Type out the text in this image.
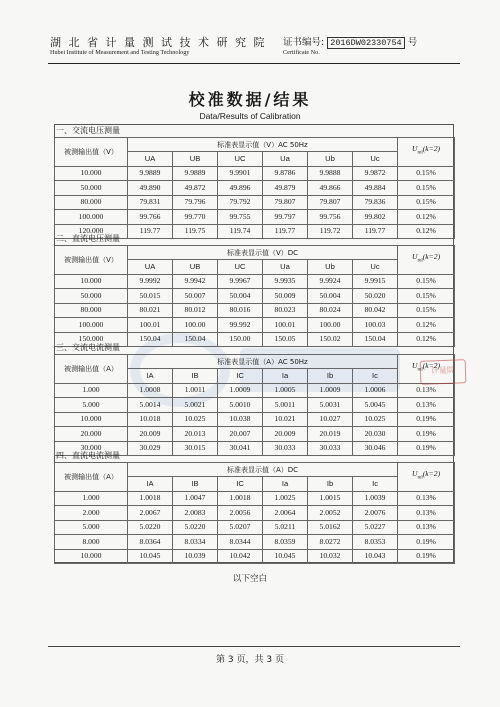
湖 北 省 计 量 测 试 技 术 研 究 院
Hubei Institute of Measurement and Testing Technology
证书编号: 2016DW02330754 号
Certificate No.
校准数据/结果
Data/Results of Calibration
一、交流电压测量
被测输出值（V）	标准表显示值（V）AC 50Hz						$U_{rel}(k=2)$
	UA	UB	UC	Ua	Ub	Uc	
10.000	9.9889	9.9889	9.9901	9.8786	9.9888	9.9872	0.15%
50.000	49.890	49.872	49.896	49.879	49.866	49.884	0.15%
80.000	79.831	79.796	79.792	79.807	79.807	79.836	0.15%
100.000	99.766	99.770	99.755	99.797	99.756	99.802	0.12%
120.000	119.77	119.75	119.74	119.77	119.72	119.77	0.12%
二、直流电压测量
被测输出值（V）	标准表显示值（V）DC						$U_{rel}(k=2)$
	UA	UB	UC	Ua	Ub	Uc	
10.000	9.9992	9.9942	9.9967	9.9935	9.9924	9.9915	0.15%
50.000	50.015	50.007	50.004	50.009	50.004	50.020	0.15%
80.000	80.021	80.012	80.016	80.023	80.024	80.042	0.15%
100.000	100.01	100.00	99.992	100.01	100.00	100.03	0.12%
150.000	150.04	150.04	150.00	150.05	150.02	150.04	0.12%
三、交流电流测量
被测输出值（A）	标准表显示值（A）AC 50Hz						$U_{rel}(k=2)$
	IA	IB	IC	Ia	Ib	Ic	
1.000	1.0008	1.0011	1.0009	1.0005	1.0009	1.0006	0.13%
5.000	5.0014	5.0021	5.0010	5.0011	5.0031	5.0045	0.13%
10.000	10.018	10.025	10.038	10.021	10.027	10.025	0.19%
20.000	20.009	20.013	20.007	20.009	20.019	20.030	0.19%
30.000	30.029	30.015	30.041	30.033	30.033	30.046	0.19%
四、直流电流测量
被测输出值（A）	标准表显示值（A）DC						$U_{rel}(k=2)$
	IA	IB	IC	Ia	Ib	Ic	
1.000	1.0018	1.0047	1.0018	1.0025	1.0015	1.0039	0.13%
2.000	2.0067	2.0083	2.0056	2.0064	2.0052	2.0076	0.13%
5.000	5.0220	5.0220	5.0207	5.0211	5.0162	5.0227	0.13%
8.000	8.0364	8.0334	8.0344	8.0359	8.0272	8.0353	0.19%
10.000	10.045	10.039	10.042	10.045	10.032	10.043	0.19%
计量院
以下空白
第 3 页，共 3 页
